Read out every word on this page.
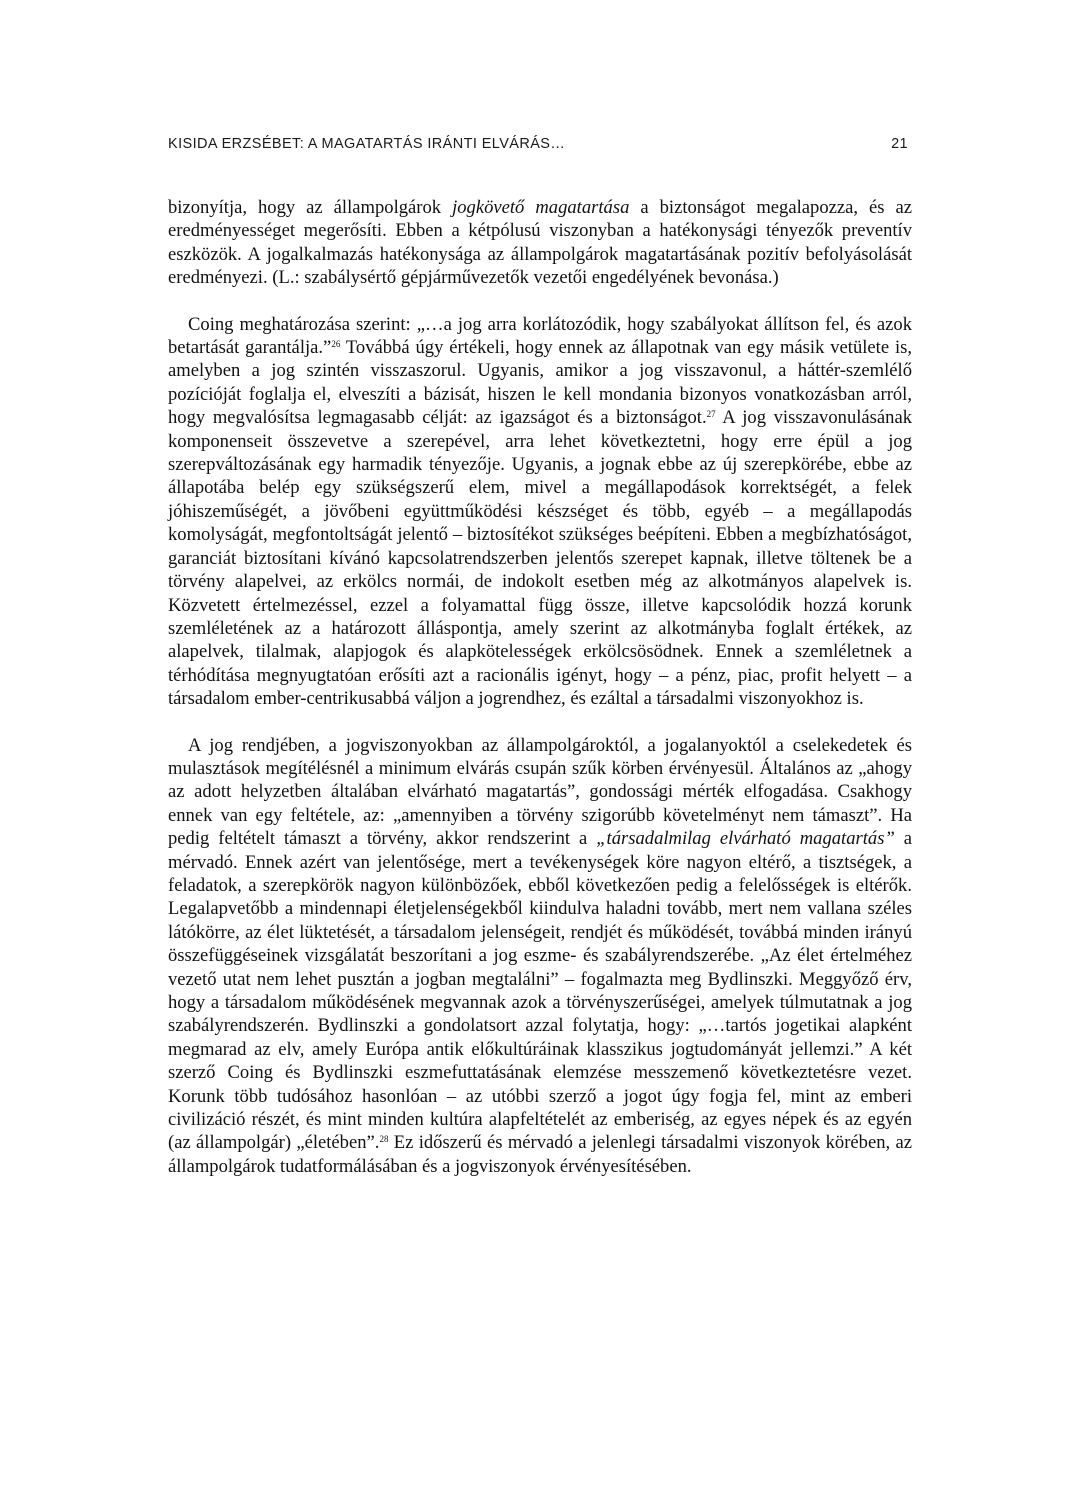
KISIDA ERZSÉBET: A MAGATARTÁS IRÁNTI ELVÁRÁS…	21

bizonyítja, hogy az állampolgárok jogkövető magatartása a biztonságot megalapozza, és az eredményességet megerősíti. Ebben a kétpólusú viszonyban a hatékonysági tényezők preventív eszközök. A jogalkalmazás hatékonysága az állampolgárok magatartásának pozitív befolyásolását eredményezi. (L.: szabálysértő gépjárművezetők vezetői engedélyének bevonása.)

Coing meghatározása szerint: „…a jog arra korlátozódik, hogy szabályokat állítson fel, és azok betartását garantálja.”$^{26}$ Továbbá úgy értékeli, hogy ennek az állapotnak van egy másik vetülete is, amelyben a jog szintén visszaszorul. Ugyanis, amikor a jog visszavonul, a háttér-szemlélő pozícióját foglalja el, elveszíti a bázisát, hiszen le kell mondania bizonyos vonatkozásban arról, hogy megvalósítsa legmagasabb célját: az igazságot és a biztonságot.$^{27}$ A jog visszavonulásának komponenseit összevetve a szerepével, arra lehet következtetni, hogy erre épül a jog szerepváltozásának egy harmadik tényezője. Ugyanis, a jognak ebbe az új szerepkörébe, ebbe az állapotába belép egy szükségszerű elem, mivel a megállapodások korrektségét, a felek jóhiszeműségét, a jövőbeni együttműködési készséget és több, egyéb – a megállapodás komolyságát, megfontoltságát jelentő – biztosítékot szükséges beépíteni. Ebben a megbízhatóságot, garanciát biztosítani kívánó kapcsolatrendszerben jelentős szerepet kapnak, illetve töltenek be a törvény alapelvei, az erkölcs normái, de indokolt esetben még az alkotmányos alapelvek is. Közvetett értelmezéssel, ezzel a folyamattal függ össze, illetve kapcsolódik hozzá korunk szemléletének az a határozott álláspontja, amely szerint az alkotmányba foglalt értékek, az alapelvek, tilalmak, alapjogok és alapkötelességek erkölcsösödnek. Ennek a szemléletnek a térhódítása megnyugtatóan erősíti azt a racionális igényt, hogy – a pénz, piac, profit helyett – a társadalom ember-centrikusabbá váljon a jogrendhez, és ezáltal a társadalmi viszonyokhoz is.

A jog rendjében, a jogviszonyokban az állampolgároktól, a jogalanyoktól a cselekedetek és mulasztások megítélésnél a minimum elvárás csupán szűk körben érvényesül. Általános az „ahogy az adott helyzetben általában elvárható magatartás”, gondossági mérték elfogadása. Csakhogy ennek van egy feltétele, az: „amennyiben a törvény szigorúbb követelményt nem támaszt”. Ha pedig feltételt támaszt a törvény, akkor rendszerint a „társadalmilag elvárható magatartás” a mérvadó. Ennek azért van jelentősége, mert a tevékenységek köre nagyon eltérő, a tisztségek, a feladatok, a szerepkörök nagyon különbözőek, ebből következően pedig a felelősségek is eltérők. Legalapvetőbb a mindennapi életjelenségekből kiindulva haladni tovább, mert nem vallana széles látókörre, az élet lüktetését, a társadalom jelenségeit, rendjét és működését, továbbá minden irányú összefüggéseinek vizsgálatát beszorítani a jog eszme- és szabályrendszerébe. „Az élet értelméhez vezető utat nem lehet pusztán a jogban megtalálni” – fogalmazta meg Bydlinszki. Meggyőző érv, hogy a társadalom működésének megvannak azok a törvényszerűségei, amelyek túlmutatnak a jog szabályrendszerén. Bydlinszki a gondolatsort azzal folytatja, hogy: „…tartós jogetikai alapként megmarad az elv, amely Európa antik előkultúráinak klasszikus jogtudományát jellemzi.” A két szerző Coing és Bydlinszki eszmefuttatásának elemzése messzemenő következtetésre vezet. Korunk több tudósához hasonlóan – az utóbbi szerző a jogot úgy fogja fel, mint az emberi civilizáció részét, és mint minden kultúra alapfeltételét az emberiség, az egyes népek és az egyén (az állampolgár) „életében”.$^{28}$ Ez időszerű és mérvadó a jelenlegi társadalmi viszonyok körében, az állampolgárok tudatformálásában és a jogviszonyok érvényesítésében.
